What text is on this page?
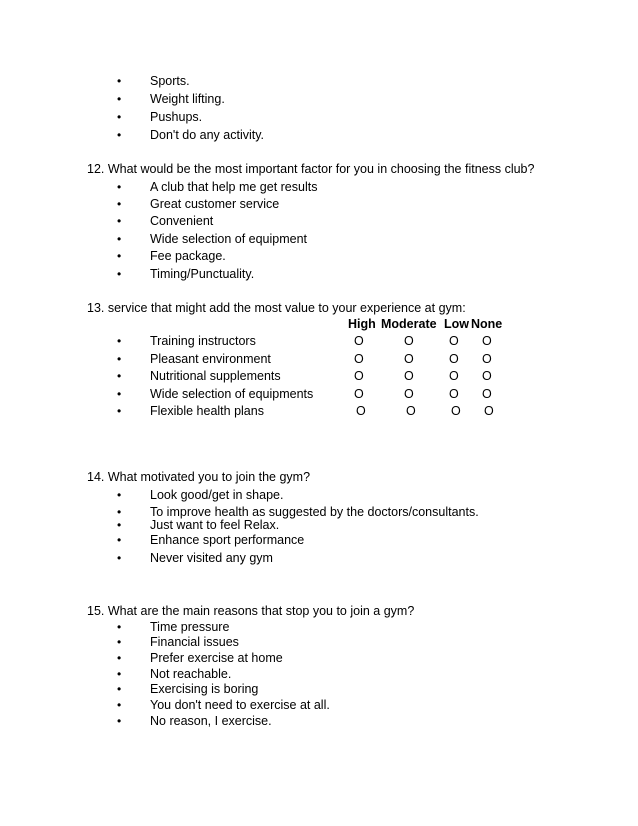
• Sports.
• Weight lifting.
• Pushups.
• Don't do any activity.
12. What would be the most important factor for you in choosing the fitness club?
• A club that help me get results
• Great customer service
• Convenient
• Wide selection of equipment
• Fee package.
• Timing/Punctuality.
13. service that might add the most value to your experience at gym:
High Moderate Low None
• Training instructors	O	O	O O
• Pleasant environment	O	O	O O
• Nutritional supplements	O	O	O O
• Wide selection of equipments	O	O	O O
• Flexible health plans	O	O	O O
14. What motivated you to join the gym?
• Look good/get in shape.
• To improve health as suggested by the doctors/consultants.
• Just want to feel Relax.
• Enhance sport performance
• Never visited any gym
15. What are the main reasons that stop you to join a gym?
• Time pressure
• Financial issues
• Prefer exercise at home
• Not reachable.
• Exercising is boring
• You don't need to exercise at all.
• No reason, I exercise.
